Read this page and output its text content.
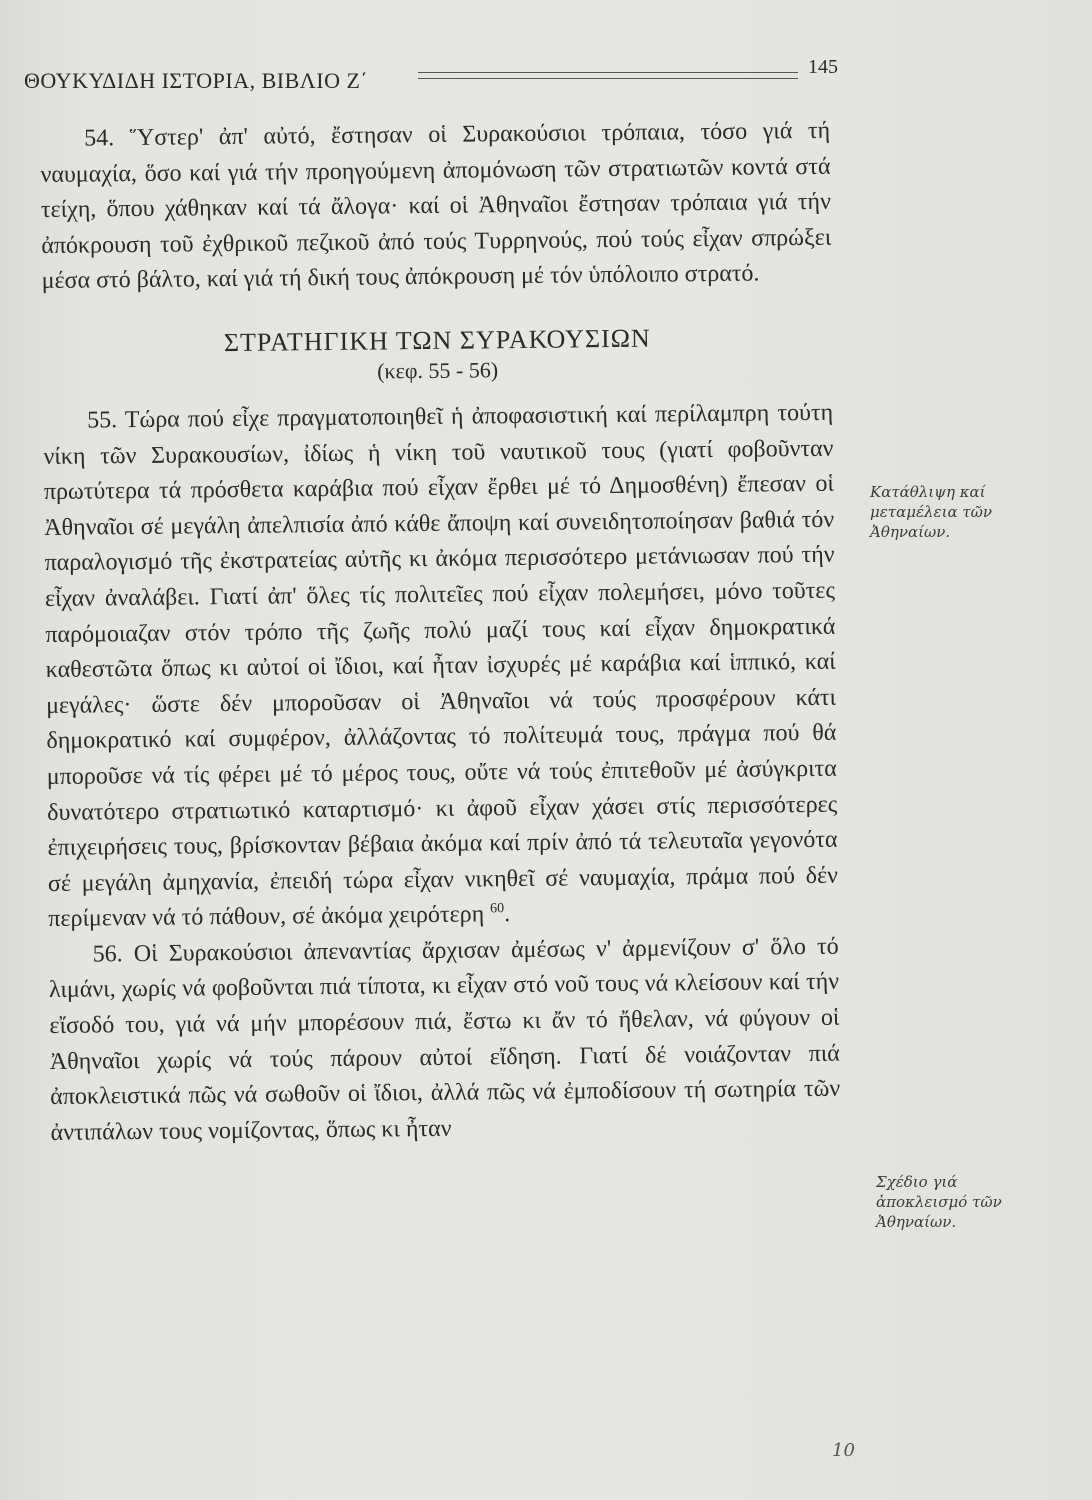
ΘΟΥΚΥΔΙΔΗ ΙΣΤΟΡΙΑ, ΒΙΒΛΙΟ Ζ΄
145

54. Ὕστερ' ἀπ' αὐτό, ἔστησαν οἱ Συρακούσιοι τρόπαια, τόσο γιά τή ναυμαχία, ὅσο καί γιά τήν προηγούμενη ἀπομόνωση τῶν στρατιωτῶν κοντά στά τείχη, ὅπου χάθηκαν καί τά ἄλογα· καί οἱ Ἀθηναῖοι ἔστησαν τρόπαια γιά τήν ἀπόκρουση τοῦ ἐχθρικοῦ πεζικοῦ ἀπό τούς Τυρρηνούς, πού τούς εἶχαν σπρώξει μέσα στό βάλτο, καί γιά τή δική τους ἀπόκρουση μέ τόν ὑπόλοιπο στρατό.

ΣΤΡΑΤΗΓΙΚΗ ΤΩΝ ΣΥΡΑΚΟΥΣΙΩΝ

(κεφ. 55 - 56)

55. Τώρα πού εἶχε πραγματοποιηθεῖ ἡ ἀποφασιστική καί περίλαμπρη τούτη νίκη τῶν Συρακουσίων, ἰδίως ἡ νίκη τοῦ ναυτικοῦ τους (γιατί φοβοῦνταν πρωτύτερα τά πρόσθετα καράβια πού εἶχαν ἔρθει μέ τό Δημοσθένη) ἔπεσαν οἱ Ἀθηναῖοι σέ μεγάλη ἀπελπισία ἀπό κάθε ἄποψη καί συνειδητοποίησαν βαθιά τόν παραλογισμό τῆς ἐκστρατείας αὐτῆς κι ἀκόμα περισσότερο μετάνιωσαν πού τήν εἶχαν ἀναλάβει. Γιατί ἀπ' ὅλες τίς πολιτεῖες πού εἶχαν πολεμήσει, μόνο τοῦτες παρόμοιαζαν στόν τρόπο τῆς ζωῆς πολύ μαζί τους καί εἶχαν δημοκρατικά καθεστῶτα ὅπως κι αὐτοί οἱ ἴδιοι, καί ἦταν ἰσχυρές μέ καράβια καί ἱππικό, καί μεγάλες· ὥστε δέν μποροῦσαν οἱ Ἀθηναῖοι νά τούς προσφέρουν κάτι δημοκρατικό καί συμφέρον, ἀλλάζοντας τό πολίτευμά τους, πράγμα πού θά μποροῦσε νά τίς φέρει μέ τό μέρος τους, οὔτε νά τούς ἐπιτεθοῦν μέ ἀσύγκριτα δυνατότερο στρατιωτικό καταρτισμό· κι ἀφοῦ εἶχαν χάσει στίς περισσότερες ἐπιχειρήσεις τους, βρίσκονταν βέβαια ἀκόμα καί πρίν ἀπό τά τελευταῖα γεγονότα σέ μεγάλη ἀμηχανία, ἐπειδή τώρα εἶχαν νικηθεῖ σέ ναυμαχία, πράμα πού δέν περίμεναν νά τό πάθουν, σέ ἀκόμα χειρότερη $^{60}$.

56. Οἱ Συρακούσιοι ἀπεναντίας ἄρχισαν ἀμέσως ν' ἀρμενίζουν σ' ὅλο τό λιμάνι, χωρίς νά φοβοῦνται πιά τίποτα, κι εἶχαν στό νοῦ τους νά κλείσουν καί τήν εἴσοδό του, γιά νά μήν μπορέσουν πιά, ἔστω κι ἄν τό ἤθελαν, νά φύγουν οἱ Ἀθηναῖοι χωρίς νά τούς πάρουν αὐτοί εἴδηση. Γιατί δέ νοιάζονταν πιά ἀποκλειστικά πῶς νά σωθοῦν οἱ ἴδιοι, ἀλλά πῶς νά ἐμποδίσουν τή σωτηρία τῶν ἀντιπάλων τους νομίζοντας, ὅπως κι ἦταν

Κατάθλιψη καί μεταμέλεια τῶν Ἀθηναίων.
Σχέδιο γιά ἀποκλεισμό τῶν Ἀθηναίων.
10
